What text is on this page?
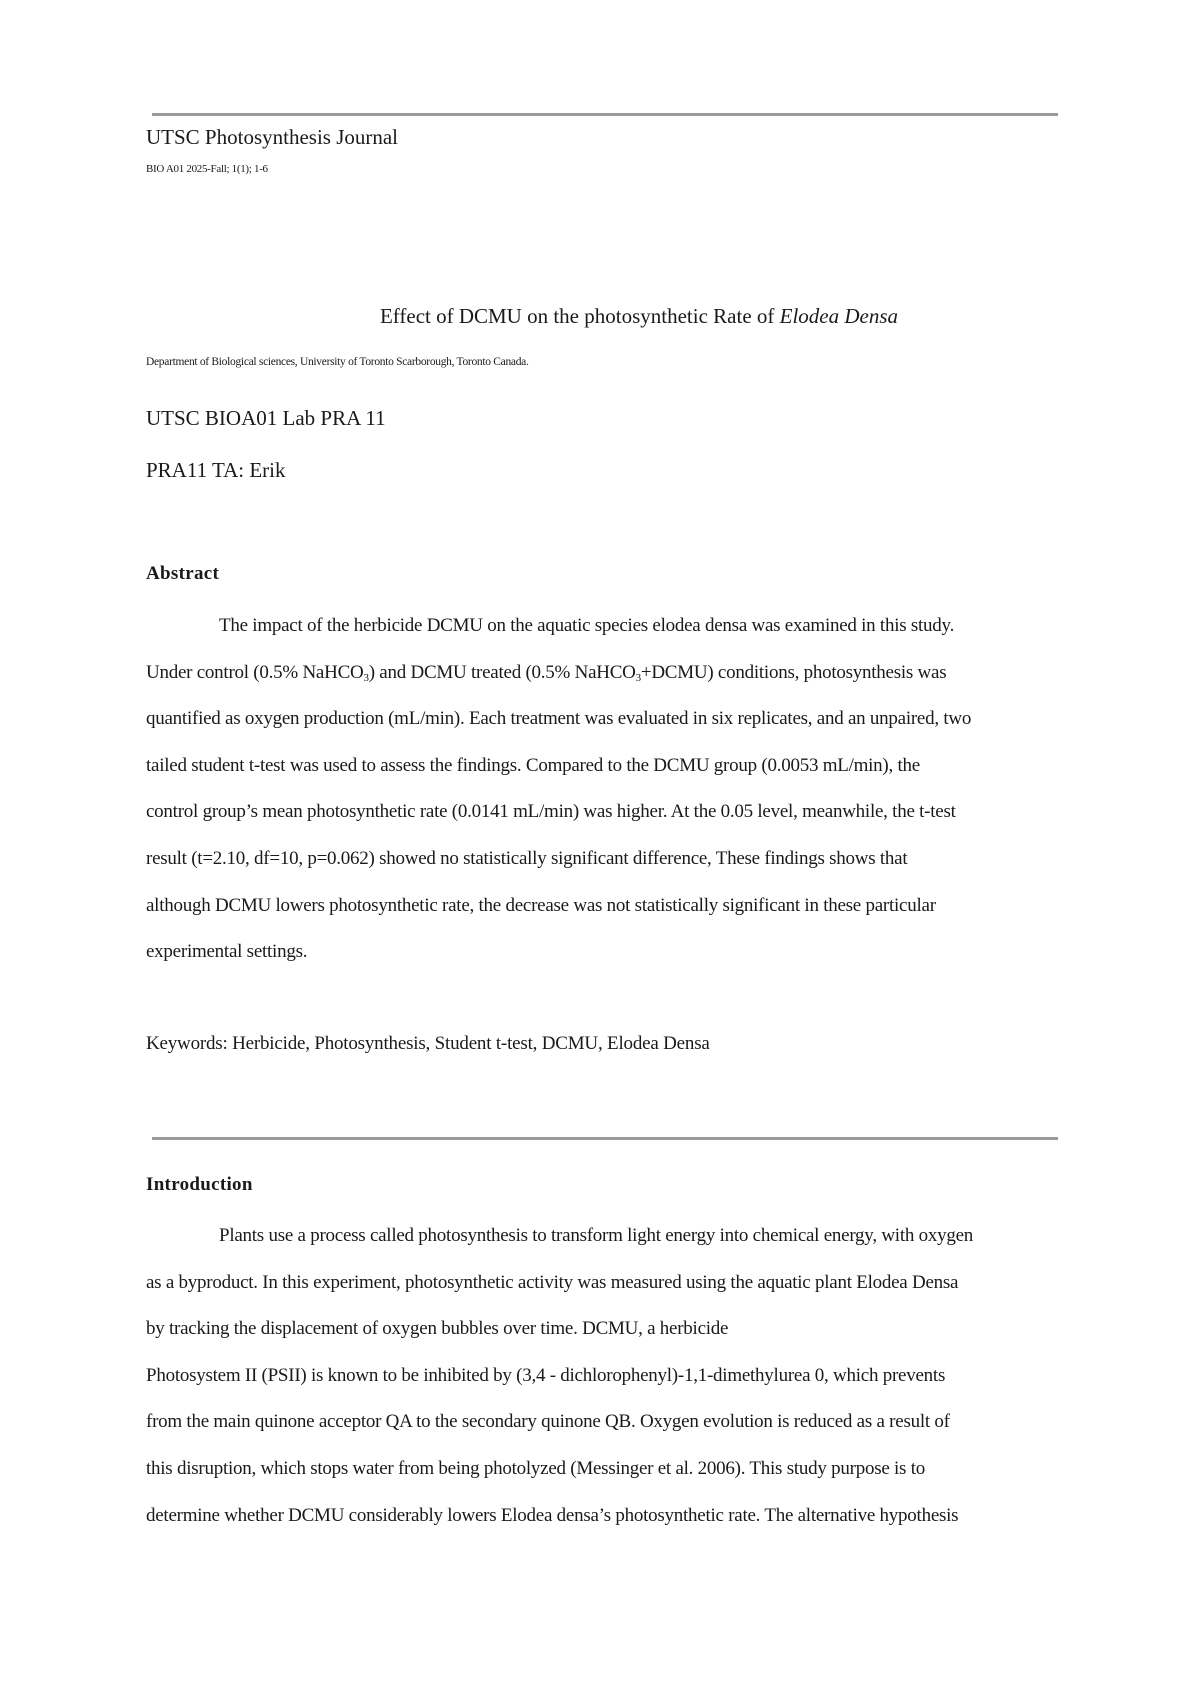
UTSC Photosynthesis Journal
BIO A01 2025-Fall; 1(1); 1-6
Effect of DCMU on the photosynthetic Rate of Elodea Densa
Department of Biological sciences, University of Toronto Scarborough, Toronto Canada.
UTSC BIOA01 Lab PRA 11
PRA11 TA: Erik
Abstract
The impact of the herbicide DCMU on the aquatic species elodea densa was examined in this study.
Under control (0.5% NaHCO$_3$) and DCMU treated (0.5% NaHCO$_3$+DCMU) conditions, photosynthesis was
quantified as oxygen production (mL/min). Each treatment was evaluated in six replicates, and an unpaired, two
tailed student t-test was used to assess the findings. Compared to the DCMU group (0.0053 mL/min), the
control group’s mean photosynthetic rate (0.0141 mL/min) was higher. At the 0.05 level, meanwhile, the t-test
result (t=2.10, df=10, p=0.062) showed no statistically significant difference, These findings shows that
although DCMU lowers photosynthetic rate, the decrease was not statistically significant in these particular
experimental settings.
Keywords: Herbicide, Photosynthesis, Student t-test, DCMU, Elodea Densa
Introduction
Plants use a process called photosynthesis to transform light energy into chemical energy, with oxygen
as a byproduct. In this experiment, photosynthetic activity was measured using the aquatic plant Elodea Densa
by tracking the displacement of oxygen bubbles over time. DCMU, a herbicide
Photosystem II (PSII) is known to be inhibited by (3,4 - dichlorophenyl)-1,1-dimethylurea 0, which prevents
from the main quinone acceptor QA to the secondary quinone QB. Oxygen evolution is reduced as a result of
this disruption, which stops water from being photolyzed (Messinger et al. 2006). This study purpose is to
determine whether DCMU considerably lowers Elodea densa’s photosynthetic rate. The alternative hypothesis
